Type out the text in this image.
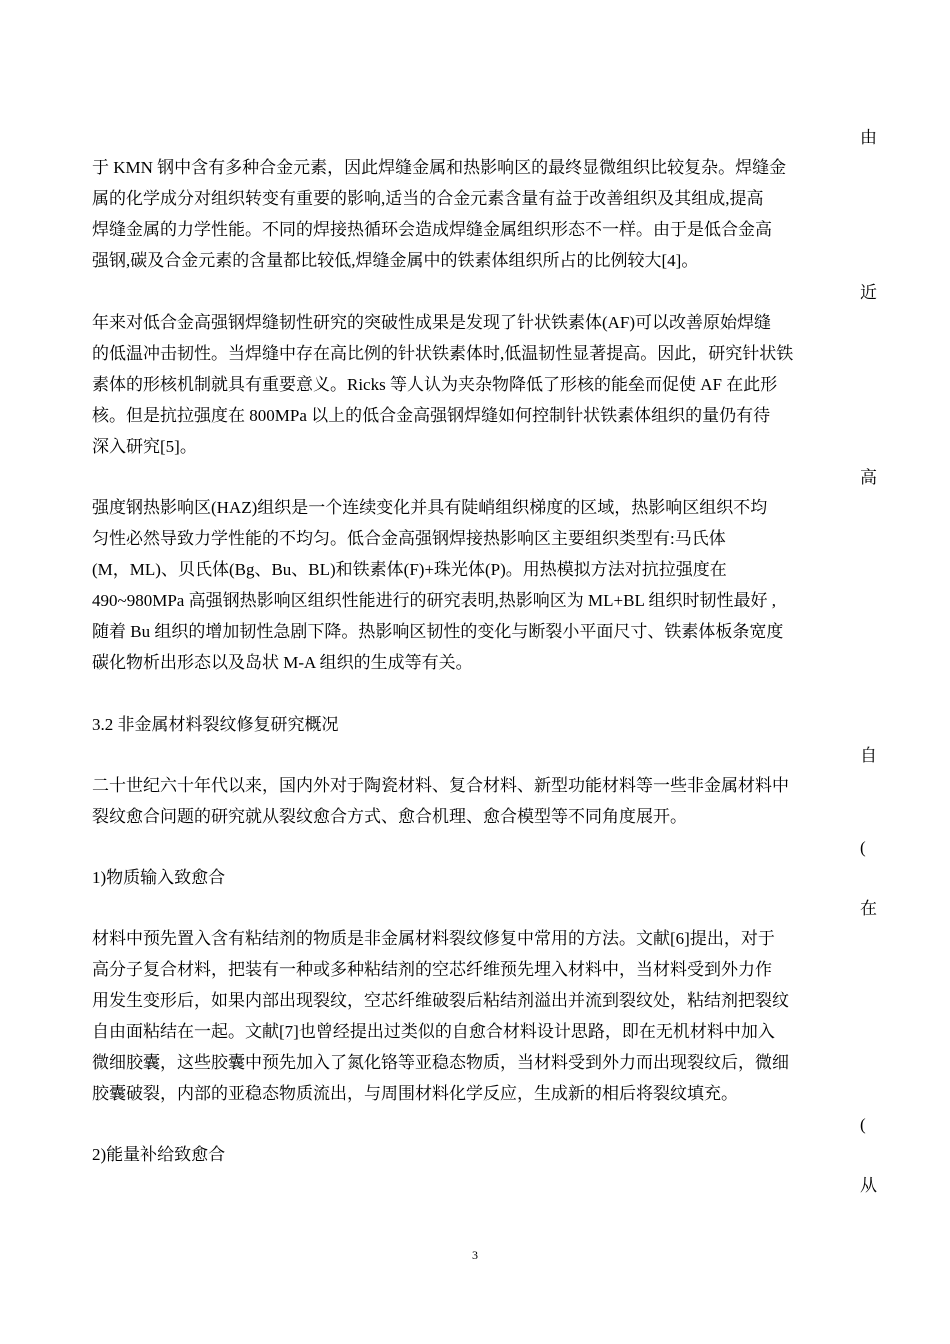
由
于 KMN 钢中含有多种合金元素，因此焊缝金属和热影响区的最终显微组织比较复杂。焊缝金
属的化学成分对组织转变有重要的影响,适当的合金元素含量有益于改善组织及其组成,提高
焊缝金属的力学性能。不同的焊接热循环会造成焊缝金属组织形态不一样。由于是低合金高
强钢,碳及合金元素的含量都比较低,焊缝金属中的铁素体组织所占的比例较大[4]。
近
年来对低合金高强钢焊缝韧性研究的突破性成果是发现了针状铁素体(AF)可以改善原始焊缝
的低温冲击韧性。当焊缝中存在高比例的针状铁素体时,低温韧性显著提高。因此，研究针状铁
素体的形核机制就具有重要意义。Ricks 等人认为夹杂物降低了形核的能垒而促使 AF 在此形
核。但是抗拉强度在 800MPa 以上的低合金高强钢焊缝如何控制针状铁素体组织的量仍有待
深入研究[5]。
高
强度钢热影响区(HAZ)组织是一个连续变化并具有陡峭组织梯度的区域，热影响区组织不均
匀性必然导致力学性能的不均匀。低合金高强钢焊接热影响区主要组织类型有:马氏体
(M，ML)、贝氏体(Bg、Bu、BL)和铁素体(F)+珠光体(P)。用热模拟方法对抗拉强度在
490~980MPa 高强钢热影响区组织性能进行的研究表明,热影响区为 ML+BL 组织时韧性最好 ,
随着 Bu 组织的增加韧性急剧下降。热影响区韧性的变化与断裂小平面尺寸、铁素体板条宽度
碳化物析出形态以及岛状 M-A 组织的生成等有关。
3.2 非金属材料裂纹修复研究概况
自
二十世纪六十年代以来，国内外对于陶瓷材料、复合材料、新型功能材料等一些非金属材料中
裂纹愈合问题的研究就从裂纹愈合方式、愈合机理、愈合模型等不同角度展开。
(
1)物质输入致愈合
在
材料中预先置入含有粘结剂的物质是非金属材料裂纹修复中常用的方法。文献[6]提出，对于
高分子复合材料，把装有一种或多种粘结剂的空芯纤维预先埋入材料中，当材料受到外力作
用发生变形后，如果内部出现裂纹，空芯纤维破裂后粘结剂溢出并流到裂纹处，粘结剂把裂纹
自由面粘结在一起。文献[7]也曾经提出过类似的自愈合材料设计思路，即在无机材料中加入
微细胶囊，这些胶囊中预先加入了氮化铬等亚稳态物质，当材料受到外力而出现裂纹后，微细
胶囊破裂，内部的亚稳态物质流出，与周围材料化学反应，生成新的相后将裂纹填充。
(
2)能量补给致愈合
从
3
